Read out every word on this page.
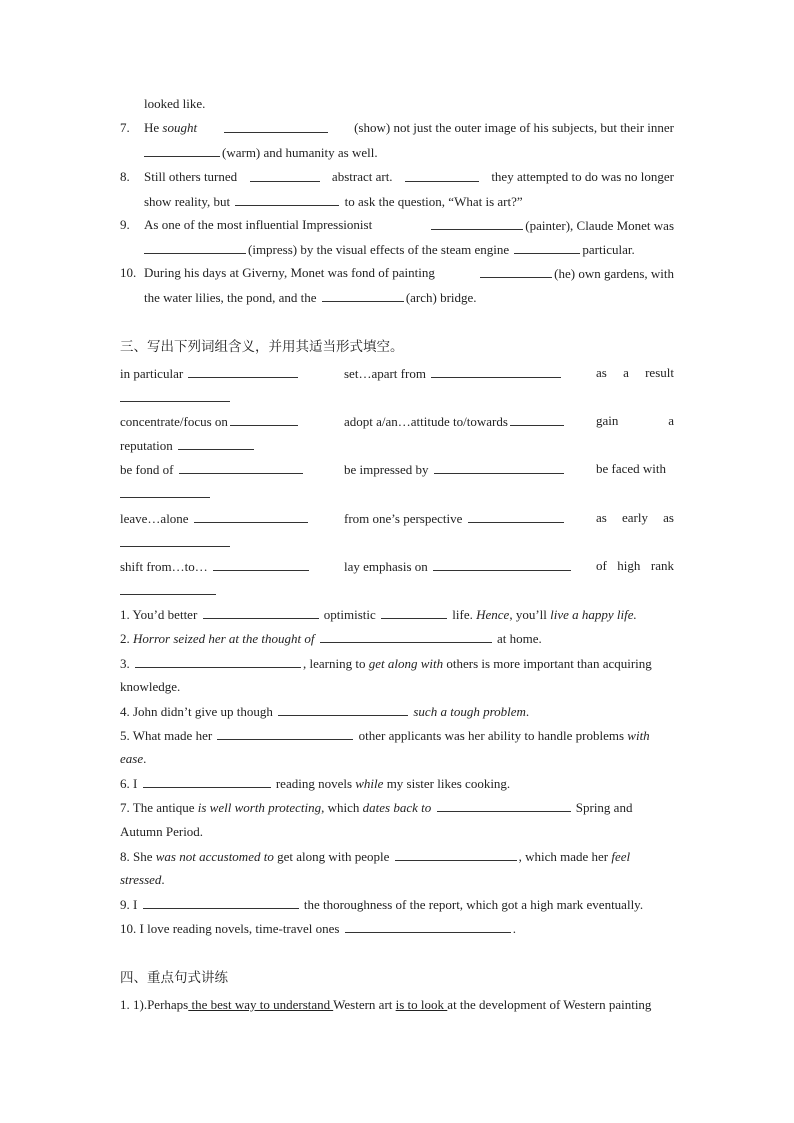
looked like.
7. He sought	(show) not just the outer image of his subjects, but their inner
(warm) and humanity as well.
8. Still others turned	abstract art.	they attempted to do was no longer
show reality, but	to ask the question, “What is art?”
9. As one of the most influential Impressionist	(painter), Claude Monet was
(impress) by the visual effects of the steam engine	particular.
10. During his days at Giverny, Monet was fond of painting	(he) own gardens, with
the water lilies, the pond, and the	(arch) bridge.
三、写出下列词组含义，并用其适当形式填空。
in particular	set…apart from	as a result
concentrate/focus on	adopt a/an…attitude to/towards	gain	a
reputation
be fond of	be impressed by	be faced with
leave…alone	from one’s perspective	as early as
shift from…to…	lay emphasis on	of high rank
1. You’d better	optimistic	life. Hence, you’ll live a happy life.
2. Horror seized her at the thought of	at home.
3.	, learning to get along with others is more important than acquiring
knowledge.
4. John didn’t give up though	such a tough problem.
5. What made her	other applicants was her ability to handle problems with
ease.
6. I	reading novels while my sister likes cooking.
7. The antique is well worth protecting, which dates back to	Spring and
Autumn Period.
8. She was not accustomed to get along with people	, which made her feel
stressed.
9. I	the thoroughness of the report, which got a high mark eventually.
10. I love reading novels, time-travel ones	.
四、重点句式讲练
1. 1).Perhaps the best way to understand Western art is to look at the development of Western painting
